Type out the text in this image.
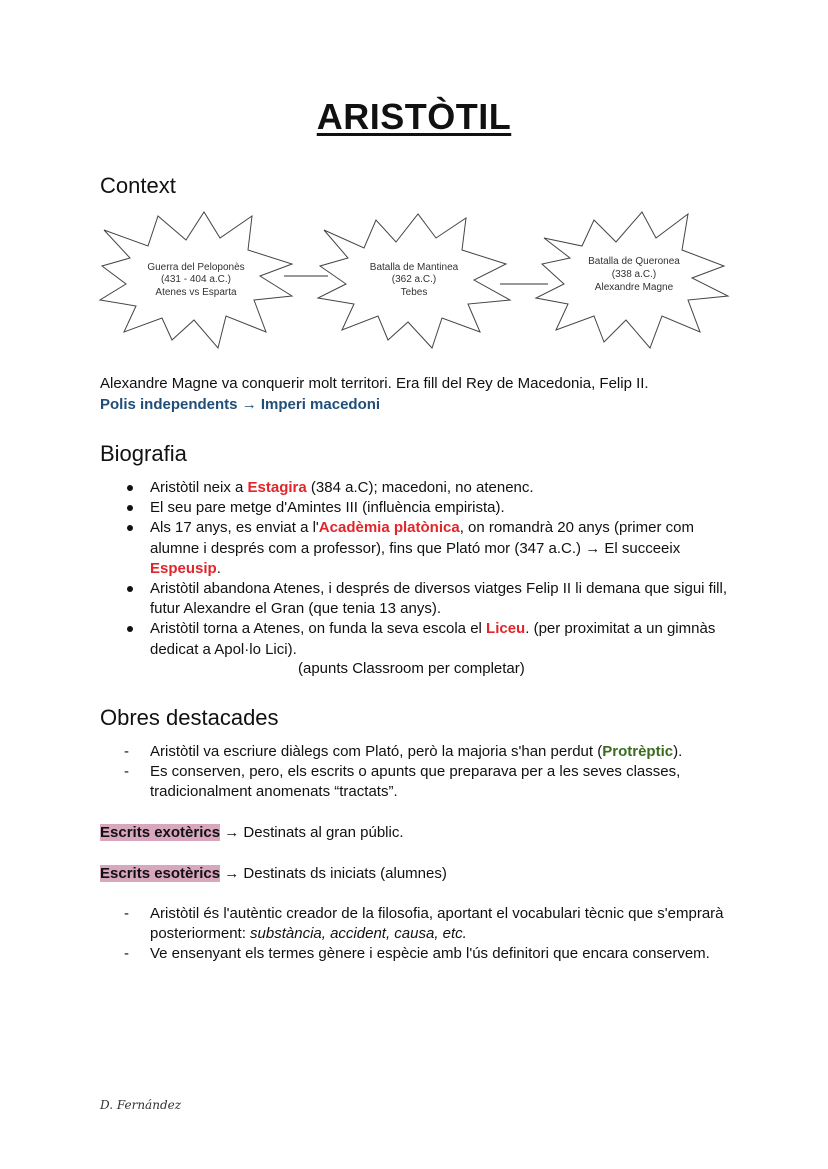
ARISTÒTIL
Context
Guerra del Peloponès
(431 - 404 a.C.)
Atenes vs Esparta
Batalla de Mantinea
(362 a.C.)
Tebes
Batalla de Queronea
(338 a.C.)
Alexandre Magne

Alexandre Magne va conquerir molt territori. Era fill del Rey de Macedonia, Felip II.

Polis independents → Imperi macedoni

Biografia
Aristòtil neix a Estagira (384 a.C); macedoni, no atenenc.
El seu pare metge d'Amintes III (influència empirista).
Als 17 anys, es enviat a l'Acadèmia platònica, on romandrà 20 anys (primer com alumne i després com a professor), fins que Plató mor (347 a.C.) → El succeeix Espeusip.
Aristòtil abandona Atenes, i després de diversos viatges Felip II li demana que sigui fill, futur Alexandre el Gran (que tenia 13 anys).
Aristòtil torna a Atenes, on funda la seva escola el Liceu. (per proximitat a un gimnàs dedicat a Apol·lo Lici).
(apunts Classroom per completar)
Obres destacades
- Aristòtil va escriure diàlegs com Plató, però la majoria s'han perdut (Protrèptic).
- Es conserven, pero, els escrits o apunts que preparava per a les seves classes, tradicionalment anomenats “tractats”.

Escrits exotèrics → Destinats al gran públic.

Escrits esotèrics → Destinats ds iniciats (alumnes)

- Aristòtil és l'autèntic creador de la filosofia, aportant el vocabulari tècnic que s'emprarà posteriorment: substància, accident, causa, etc.
- Ve ensenyant els termes gènere i espècie amb l'ús definitori que encara conservem.
D. Fernández
